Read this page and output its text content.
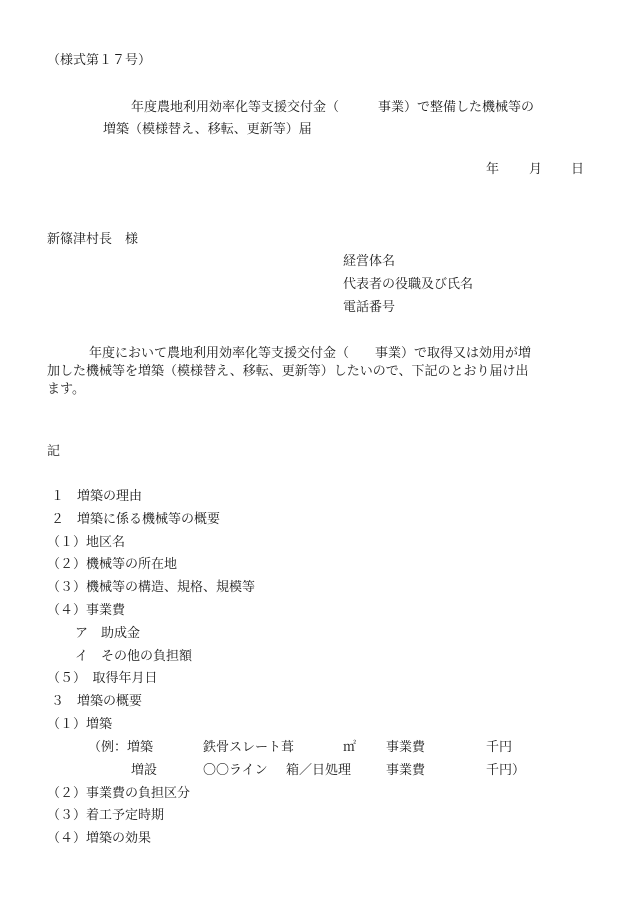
（様式第１７号）
年度農地利用効率化等支援交付金（　　　事業）で整備した機械等の
増築（模様替え、移転、更新等）届
年 月 日
新篠津村長　様
経営体名
代表者の役職及び氏名
電話番号
年度において農地利用効率化等支援交付金（　　事業）で取得又は効用が増
加した機械等を増築（模様替え、移転、更新等）したいので、下記のとおり届け出
ます。
記
１　増築の理由
２　増築に係る機械等の概要
（１）地区名
（２）機械等の所在地
（３）機械等の構造、規格、規模等
（４）事業費
ア　助成金
イ　その他の負担額
（５）　取得年月日
３　増築の概要
（１）増築
（例：増築	鉄骨スレート葺	㎡ 事業費	千円
増設	〇〇ライン 箱／日処理	事業費	千円）
（２）事業費の負担区分
（３）着工予定時期
（４）増築の効果
